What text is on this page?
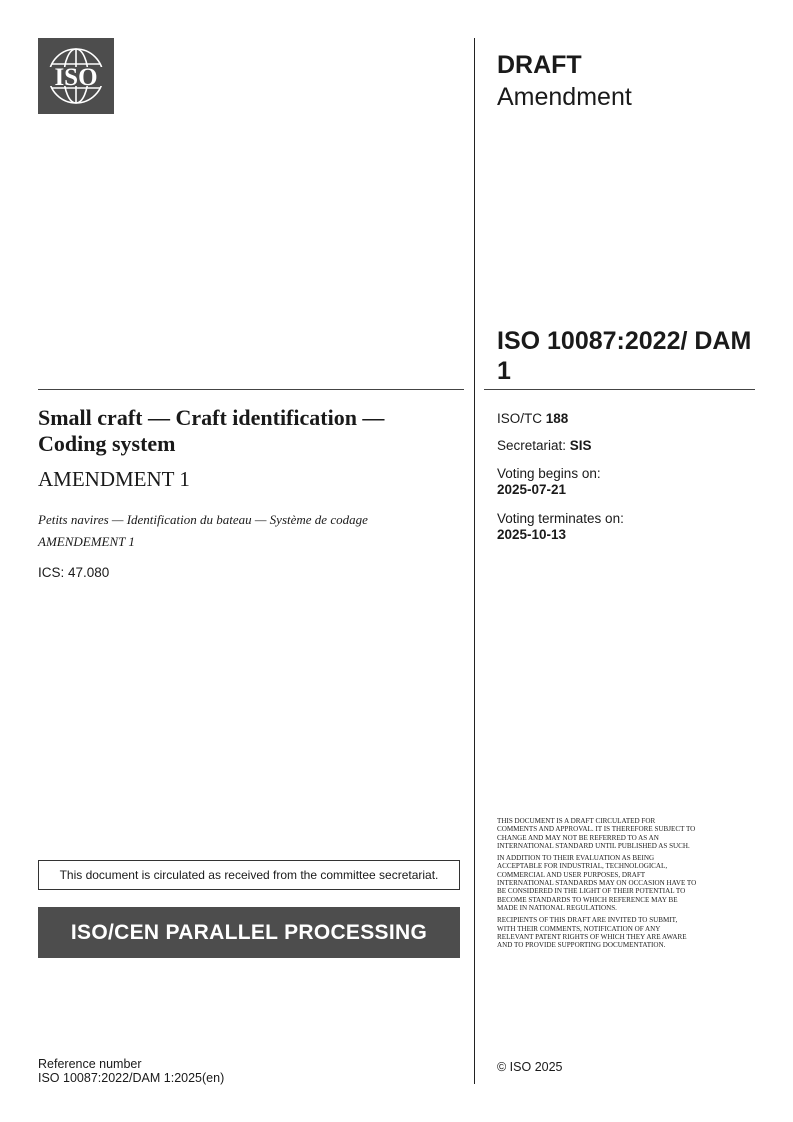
ISO	DRAFT
Amendment
ISO 10087:2022/ DAM 1
Small craft — Craft identification — Coding system
AMENDMENT 1
Petits navires — Identification du bateau — Système de codage
AMENDEMENT 1
ICS: 47.080
ISO/TC 188
Secretariat: SIS
Voting begins on:
2025-07-21
Voting terminates on:
2025-10-13

THIS DOCUMENT IS A DRAFT CIRCULATED FOR COMMENTS AND APPROVAL. IT IS THEREFORE SUBJECT TO CHANGE AND MAY NOT BE REFERRED TO AS AN INTERNATIONAL STANDARD UNTIL PUBLISHED AS SUCH.

IN ADDITION TO THEIR EVALUATION AS BEING ACCEPTABLE FOR INDUSTRIAL, TECHNOLOGICAL, COMMERCIAL AND USER PURPOSES, DRAFT INTERNATIONAL STANDARDS MAY ON OCCASION HAVE TO BE CONSIDERED IN THE LIGHT OF THEIR POTENTIAL TO BECOME STANDARDS TO WHICH REFERENCE MAY BE MADE IN NATIONAL REGULATIONS.

RECIPIENTS OF THIS DRAFT ARE INVITED TO SUBMIT, WITH THEIR COMMENTS, NOTIFICATION OF ANY RELEVANT PATENT RIGHTS OF WHICH THEY ARE AWARE AND TO PROVIDE SUPPORTING DOCUMENTATION.

This document is circulated as received from the committee secretariat.
ISO/CEN PARALLEL PROCESSING
Reference number
ISO 10087:2022/DAM 1:2025(en)
© ISO 2025
